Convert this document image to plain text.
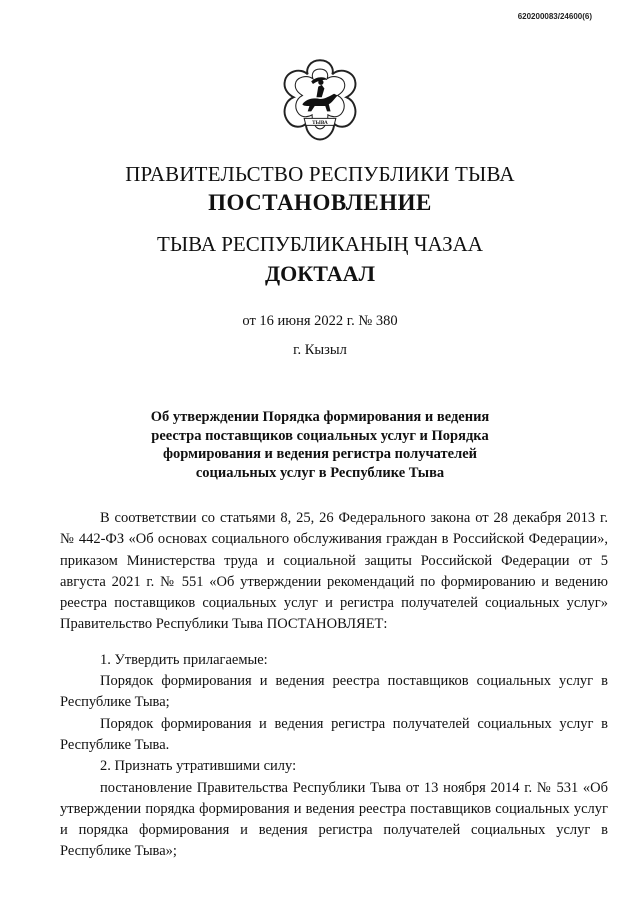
620200083/24600(6)
ТЫВА
ПРАВИТЕЛЬСТВО РЕСПУБЛИКИ ТЫВА
ПОСТАНОВЛЕНИЕ
ТЫВА РЕСПУБЛИКАНЫҢ ЧАЗАА
ДОКТААЛ
от 16 июня 2022 г. № 380
г. Кызыл
Об утверждении Порядка формирования и ведения реестра поставщиков социальных услуг и Порядка формирования и ведения регистра получателей социальных услуг в Республике Тыва

В соответствии со статьями 8, 25, 26 Федерального закона от 28 декабря 2013 г. № 442-ФЗ «Об основах социального обслуживания граждан в Российской Федерации», приказом Министерства труда и социальной защиты Российской Федерации от 5 августа 2021 г. № 551 «Об утверждении рекомендаций по формированию и ведению реестра поставщиков социальных услуг и регистра получателей социальных услуг» Правительство Республики Тыва ПОСТАНОВЛЯЕТ:

1. Утвердить прилагаемые:

Порядок формирования и ведения реестра поставщиков социальных услуг в Республике Тыва;

Порядок формирования и ведения регистра получателей социальных услуг в Республике Тыва.

2. Признать утратившими силу:

постановление Правительства Республики Тыва от 13 ноября 2014 г. № 531 «Об утверждении порядка формирования и ведения реестра поставщиков социальных услуг и порядка формирования и ведения регистра получателей социальных услуг в Республике Тыва»;
